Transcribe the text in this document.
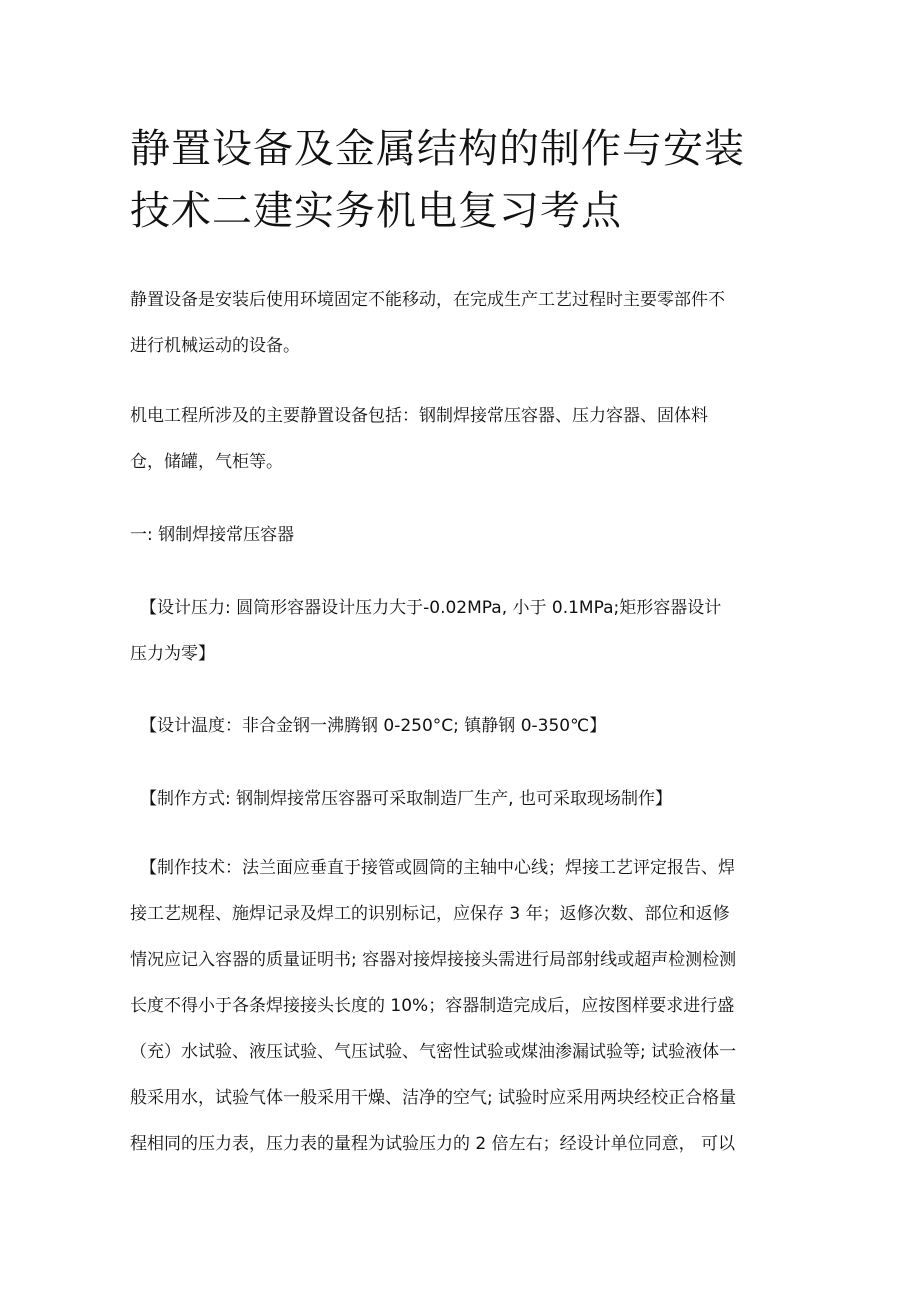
静置设备及金属结构的制作与安装
技术二建实务机电复习考点

静置设备是安装后使用环境固定不能移动，在完成生产工艺过程时主要零部件不
进行机械运动的设备。

机电工程所涉及的主要静置设备包括：钢制焊接常压容器、压力容器、固体料
仓，储罐，气柜等。

一: 钢制焊接常压容器

【设计压力: 圆筒形容器设计压力大于-0.02MPa, 小于 0.1MPa;矩形容器设计
压力为零】

【设计温度：非合金钢一沸腾钢 0-250°C; 镇静钢 0-350℃】

【制作方式: 钢制焊接常压容器可采取制造厂生产, 也可采取现场制作】

【制作技术：法兰面应垂直于接管或圆筒的主轴中心线；焊接工艺评定报告、焊
接工艺规程、施焊记录及焊工的识别标记，应保存 3 年；返修次数、部位和返修
情况应记入容器的质量证明书; 容器对接焊接接头需进行局部射线或超声检测检测
长度不得小于各条焊接接头长度的 10%；容器制造完成后，应按图样要求进行盛
（充）水试验、液压试验、气压试验、气密性试验或煤油渗漏试验等; 试验液体一
般采用水，试验气体一般采用干燥、洁净的空气; 试验时应采用两块经校正合格量
程相同的压力表，压力表的量程为试验压力的 2 倍左右；经设计单位同意， 可以
